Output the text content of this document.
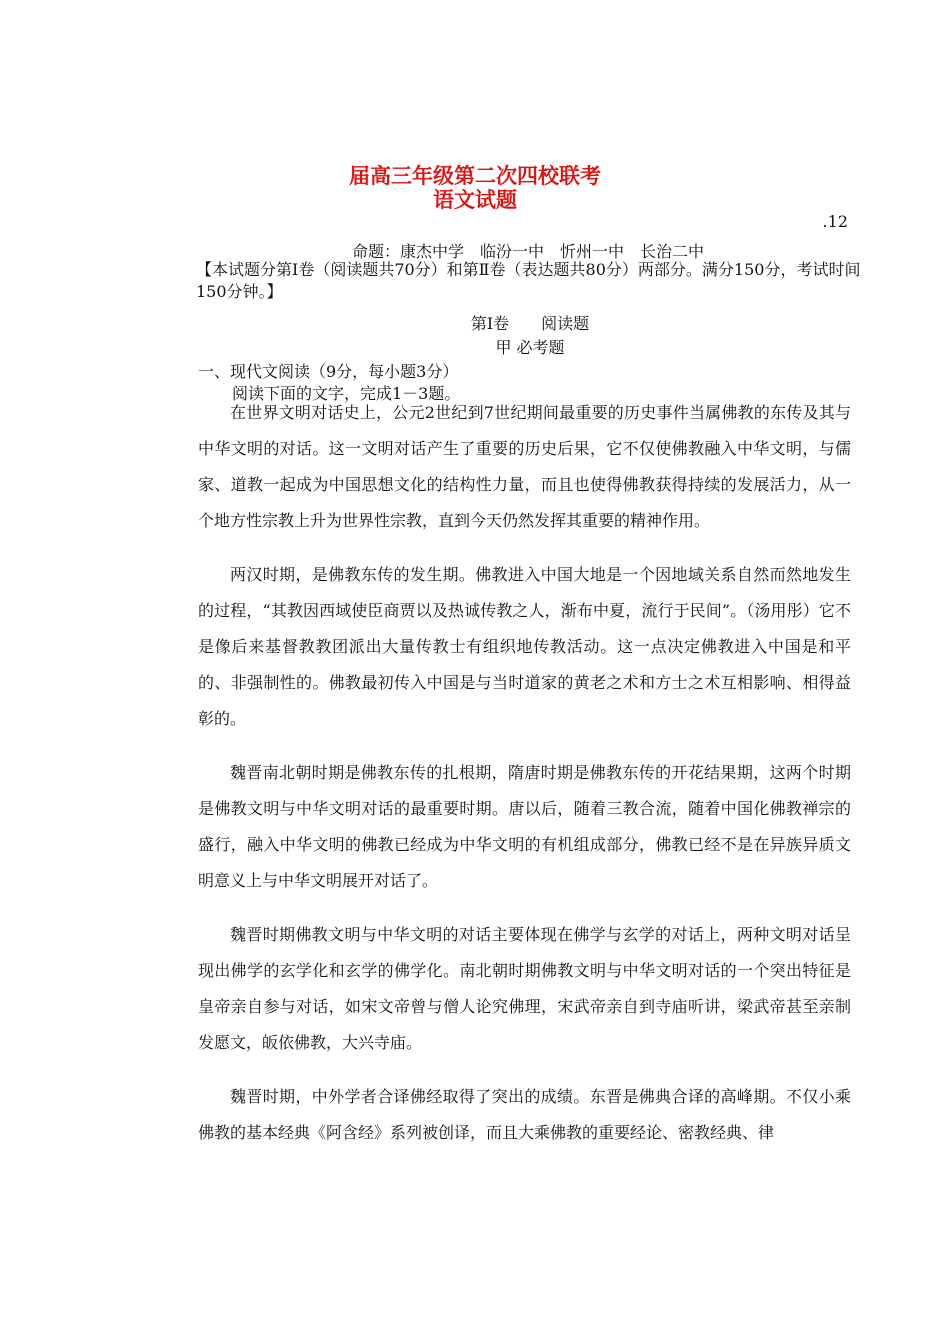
届高三年级第二次四校联考
语文试题
.12
命题：康杰中学　临汾一中　忻州一中　长治二中
【本试题分第Ⅰ卷（阅读题共70分）和第Ⅱ卷（表达题共80分）两部分。满分150分，考试时间150分钟。】
第Ⅰ卷　　阅读题
甲 必考题
一、现代文阅读（9分，每小题3分）
阅读下面的文字，完成1－3题。

在世界文明对话史上，公元2世纪到7世纪期间最重要的历史事件当属佛教的东传及其与中华文明的对话。这一文明对话产生了重要的历史后果，它不仅使佛教融入中华文明，与儒家、道教一起成为中国思想文化的结构性力量，而且也使得佛教获得持续的发展活力，从一个地方性宗教上升为世界性宗教，直到今天仍然发挥其重要的精神作用。

两汉时期，是佛教东传的发生期。佛教进入中国大地是一个因地域关系自然而然地发生的过程，“其教因西域使臣商贾以及热诚传教之人，渐布中夏，流行于民间”。（汤用彤）它不是像后来基督教教团派出大量传教士有组织地传教活动。这一点决定佛教进入中国是和平的、非强制性的。佛教最初传入中国是与当时道家的黄老之术和方士之术互相影响、相得益彰的。

魏晋南北朝时期是佛教东传的扎根期，隋唐时期是佛教东传的开花结果期，这两个时期是佛教文明与中华文明对话的最重要时期。唐以后，随着三教合流，随着中国化佛教禅宗的盛行，融入中华文明的佛教已经成为中华文明的有机组成部分，佛教已经不是在异族异质文明意义上与中华文明展开对话了。

魏晋时期佛教文明与中华文明的对话主要体现在佛学与玄学的对话上，两种文明对话呈现出佛学的玄学化和玄学的佛学化。南北朝时期佛教文明与中华文明对话的一个突出特征是皇帝亲自参与对话，如宋文帝曾与僧人论究佛理，宋武帝亲自到寺庙听讲，梁武帝甚至亲制发愿文，皈依佛教，大兴寺庙。

魏晋时期，中外学者合译佛经取得了突出的成绩。东晋是佛典合译的高峰期。不仅小乘佛教的基本经典《阿含经》系列被创译，而且大乘佛教的重要经论、密教经典、律
